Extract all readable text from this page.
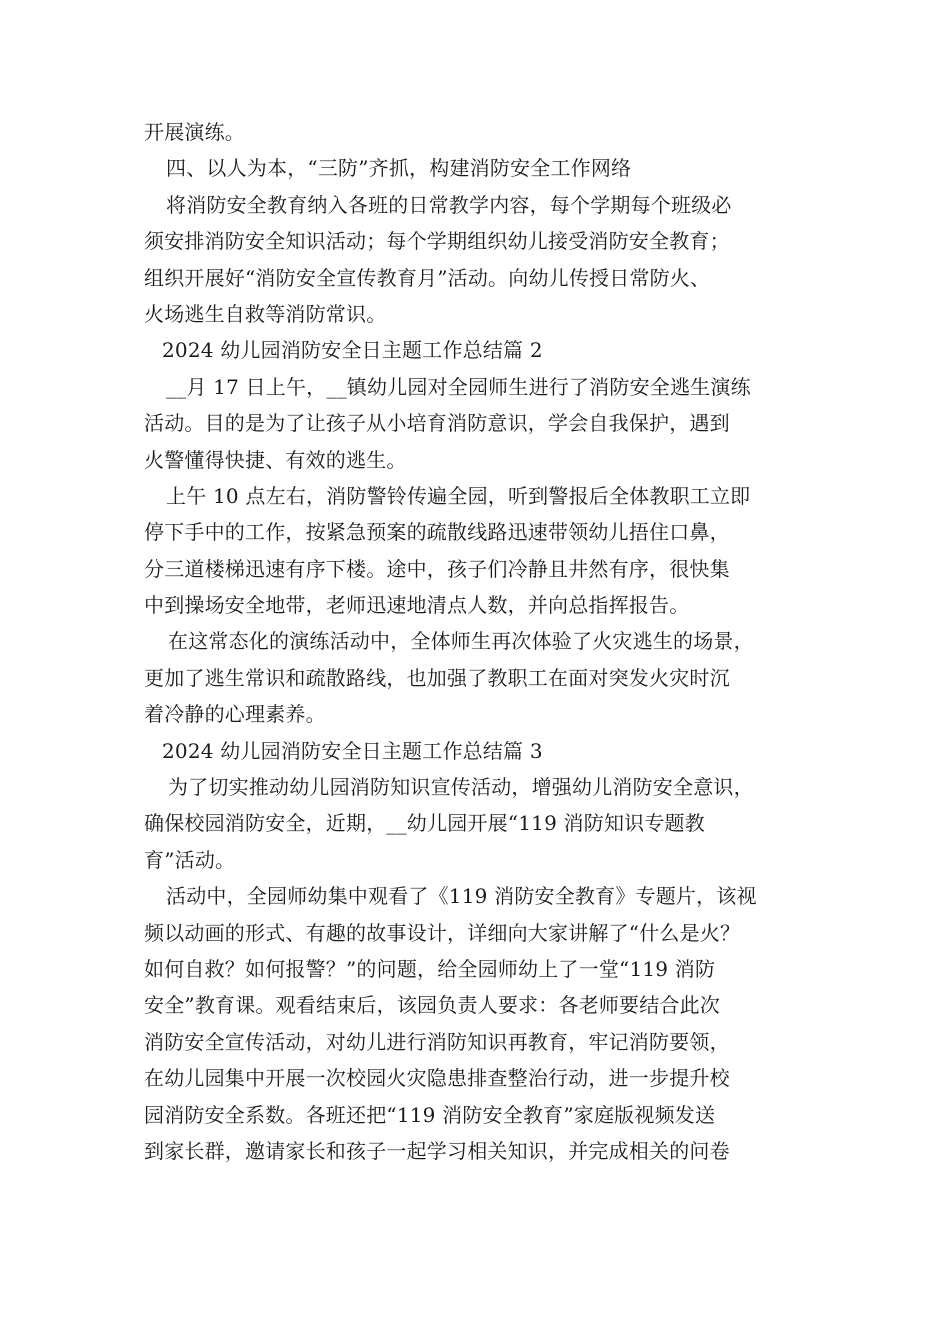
开展演练。
四、以人为本，“三防”齐抓，构建消防安全工作网络
将消防安全教育纳入各班的日常教学内容，每个学期每个班级必
须安排消防安全知识活动；每个学期组织幼儿接受消防安全教育；
组织开展好“消防安全宣传教育月”活动。向幼儿传授日常防火、
火场逃生自救等消防常识。
2024 幼儿园消防安全日主题工作总结篇 2
__月 17 日上午，__镇幼儿园对全园师生进行了消防安全逃生演练
活动。目的是为了让孩子从小培育消防意识，学会自我保护，遇到
火警懂得快捷、有效的逃生。
上午 10 点左右，消防警铃传遍全园，听到警报后全体教职工立即
停下手中的工作，按紧急预案的疏散线路迅速带领幼儿捂住口鼻，
分三道楼梯迅速有序下楼。途中，孩子们冷静且井然有序，很快集
中到操场安全地带，老师迅速地清点人数，并向总指挥报告。
在这常态化的演练活动中，全体师生再次体验了火灾逃生的场景，
更加了逃生常识和疏散路线，也加强了教职工在面对突发火灾时沉
着冷静的心理素养。
2024 幼儿园消防安全日主题工作总结篇 3
为了切实推动幼儿园消防知识宣传活动，增强幼儿消防安全意识，
确保校园消防安全，近期，__幼儿园开展“119 消防知识专题教
育”活动。
活动中，全园师幼集中观看了《119 消防安全教育》专题片，该视
频以动画的形式、有趣的故事设计，详细向大家讲解了“什么是火？
如何自救？如何报警？”的问题，给全园师幼上了一堂“119 消防
安全”教育课。观看结束后，该园负责人要求：各老师要结合此次
消防安全宣传活动，对幼儿进行消防知识再教育，牢记消防要领，
在幼儿园集中开展一次校园火灾隐患排查整治行动，进一步提升校
园消防安全系数。各班还把“119 消防安全教育”家庭版视频发送
到家长群，邀请家长和孩子一起学习相关知识，并完成相关的问卷
